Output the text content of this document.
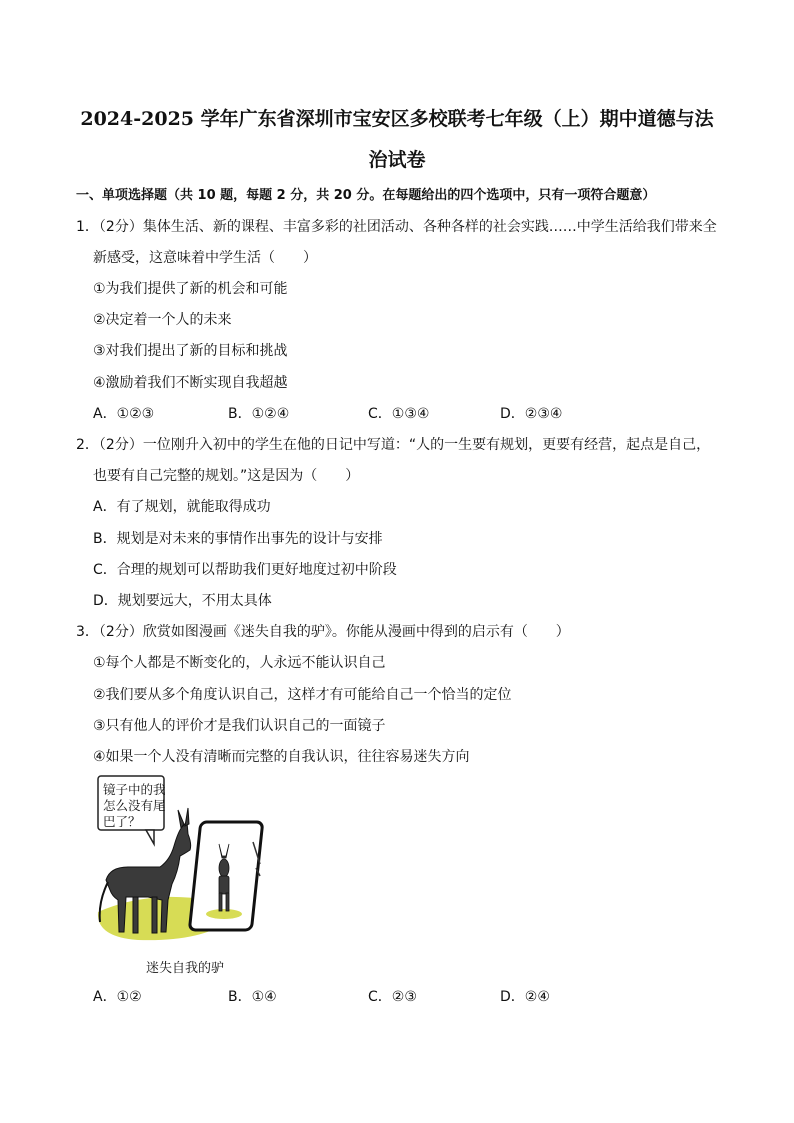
2024-2025 学年广东省深圳市宝安区多校联考七年级（上）期中道德与法
治试卷
一、单项选择题（共 10 题，每题 2 分，共 20 分。在每题给出的四个选项中，只有一项符合题意）
1．（2分）集体生活、新的课程、丰富多彩的社团活动、各种各样的社会实践……中学生活给我们带来全
新感受，这意味着中学生活（　　）
①为我们提供了新的机会和可能
②决定着一个人的未来
③对我们提出了新的目标和挑战
④激励着我们不断实现自我超越
A．①②③	B．①②④	C．①③④	D．②③④
2．（2分）一位刚升入初中的学生在他的日记中写道：“人的一生要有规划，更要有经营，起点是自己，
也要有自己完整的规划。”这是因为（　　）
A．有了规划，就能取得成功
B．规划是对未来的事情作出事先的设计与安排
C．合理的规划可以帮助我们更好地度过初中阶段
D．规划要远大，不用太具体
3．（2分）欣赏如图漫画《迷失自我的驴》。你能从漫画中得到的启示有（　　）
①每个人都是不断变化的，人永远不能认识自己
②我们要从多个角度认识自己，这样才有可能给自己一个恰当的定位
③只有他人的评价才是我们认识自己的一面镜子
④如果一个人没有清晰而完整的自我认识，往往容易迷失方向
镜子中的我
怎么没有尾
巴了？
迷失自我的驴
A．①②	B．①④	C．②③	D．②④
